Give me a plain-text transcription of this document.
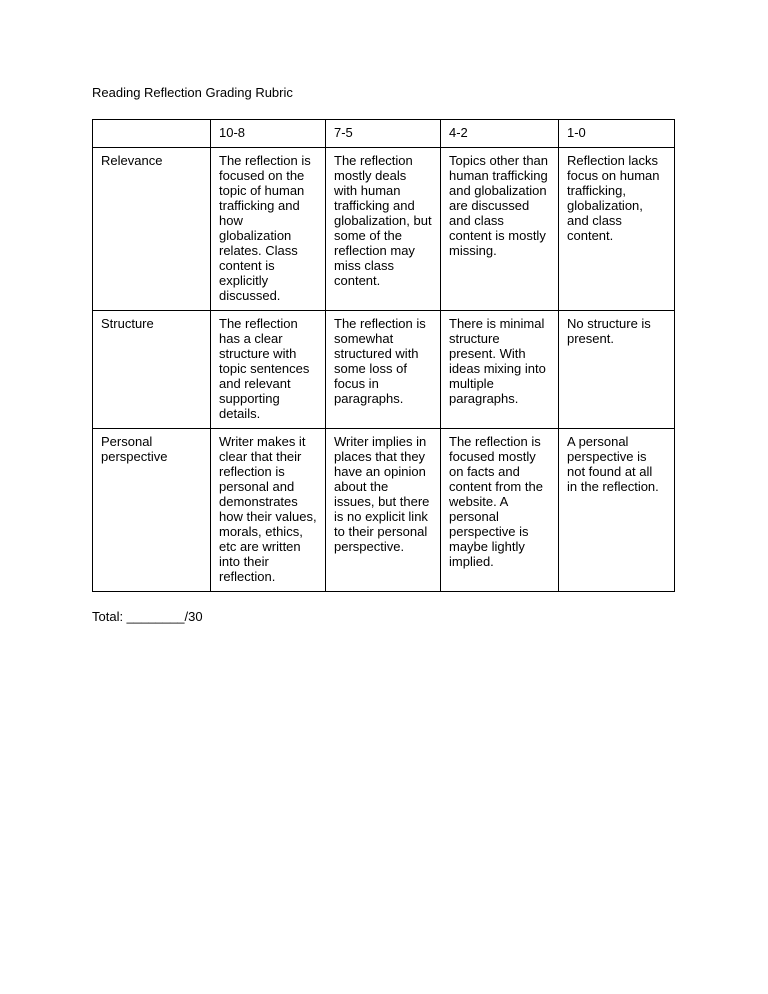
Reading Reflection Grading Rubric
	10-8	7-5	4-2	1-0
Relevance	The reflection is focused on the topic of human trafficking and how globalization relates. Class content is explicitly discussed.	The reflection mostly deals with human trafficking and globalization, but some of the reflection may miss class content.	Topics other than human trafficking and globalization are discussed and class content is mostly missing.	Reflection lacks focus on human trafficking, globalization, and class content.
Structure	The reflection has a clear structure with topic sentences and relevant supporting details.	The reflection is somewhat structured with some loss of focus in paragraphs.	There is minimal structure present. With ideas mixing into multiple paragraphs.	No structure is present.
Personal perspective	Writer makes it clear that their reflection is personal and demonstrates how their values, morals, ethics, etc are written into their reflection.	Writer implies in places that they have an opinion about the issues, but there is no explicit link to their personal perspective.	The reflection is focused mostly on facts and content from the website. A personal perspective is maybe lightly implied.	A personal perspective is not found at all in the reflection.
Total: ________/30
